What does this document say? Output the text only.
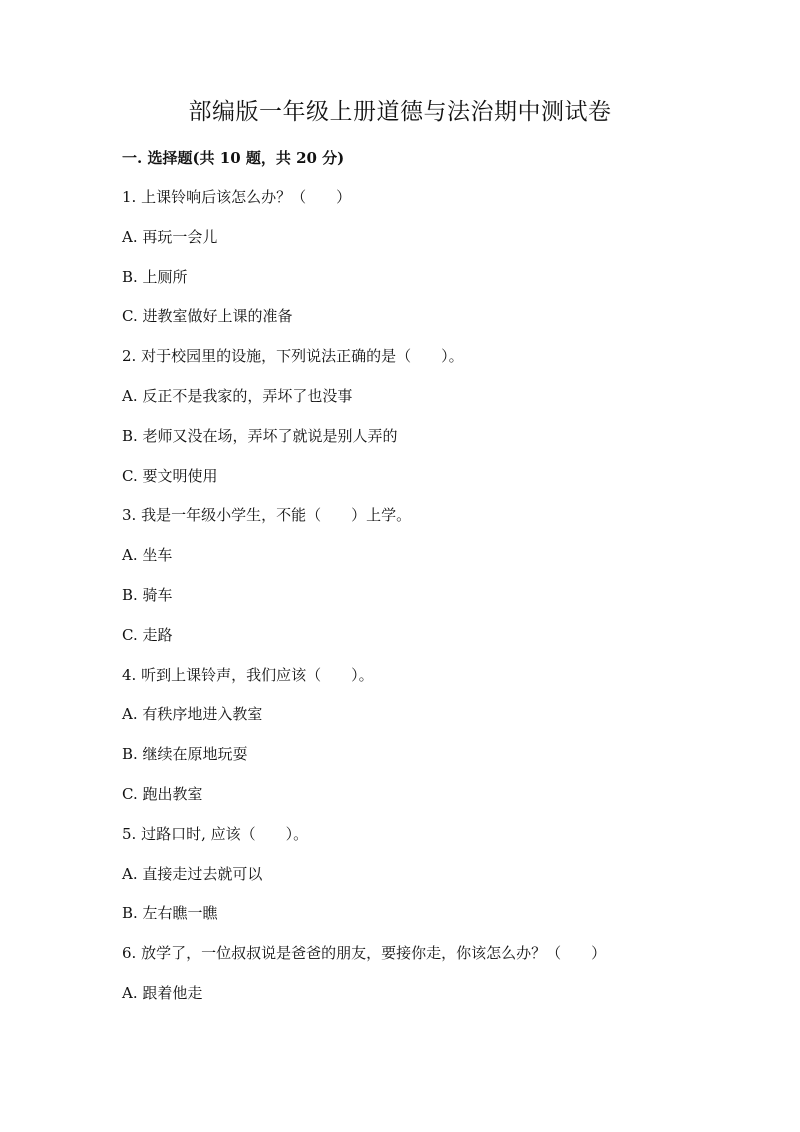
部编版一年级上册道德与法治期中测试卷
一. 选择题(共 10 题，共 20 分)
1. 上课铃响后该怎么办？（　　）
A. 再玩一会儿
B. 上厕所
C. 进教室做好上课的准备
2. 对于校园里的设施，下列说法正确的是（　　）。
A. 反正不是我家的，弄坏了也没事
B. 老师又没在场，弄坏了就说是别人弄的
C. 要文明使用
3. 我是一年级小学生，不能（　　）上学。
A. 坐车
B. 骑车
C. 走路
4. 听到上课铃声，我们应该（　　）。
A. 有秩序地进入教室
B. 继续在原地玩耍
C. 跑出教室
5. 过路口时, 应该（　　）。
A. 直接走过去就可以
B. 左右瞧一瞧
6. 放学了，一位叔叔说是爸爸的朋友，要接你走，你该怎么办？（　　）
A. 跟着他走
